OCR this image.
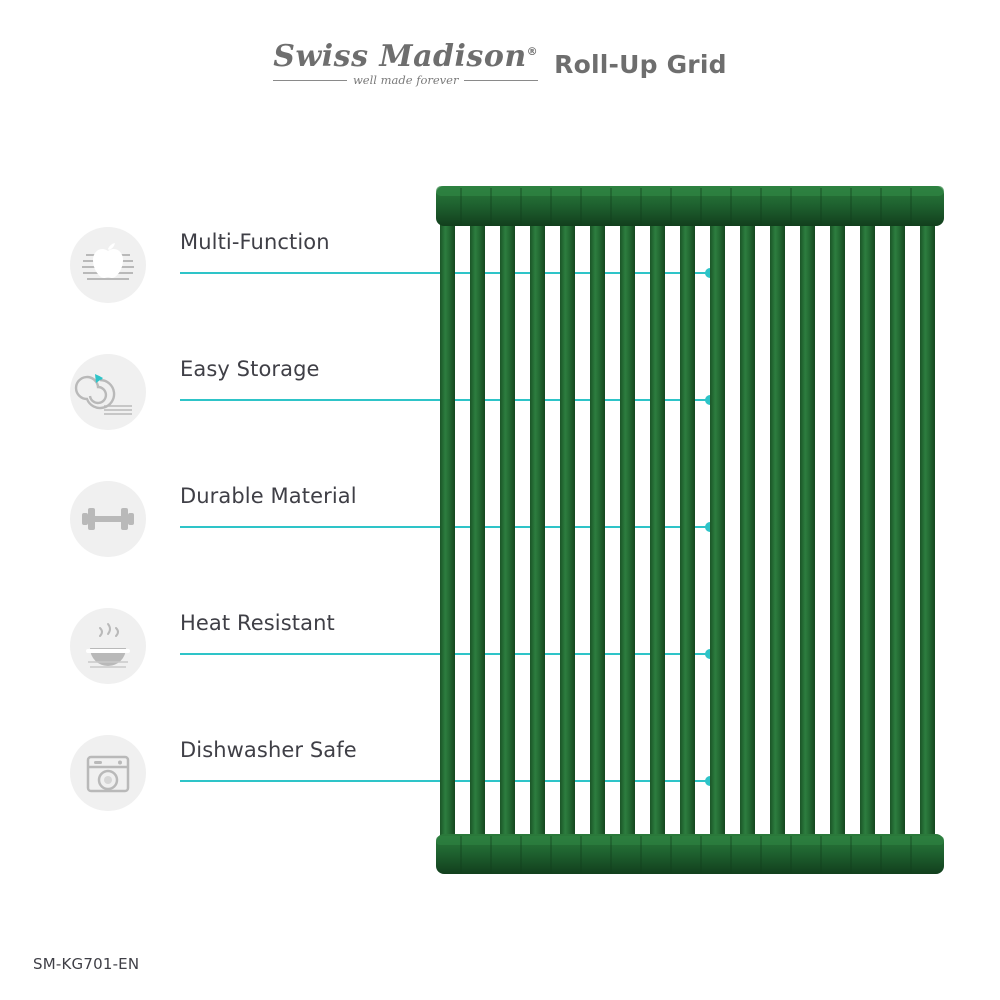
Swiss Madison®
well made forever
Roll-Up Grid
Multi-Function
Easy Storage
Durable Material
Heat Resistant
Dishwasher Safe
SM-KG701-EN
